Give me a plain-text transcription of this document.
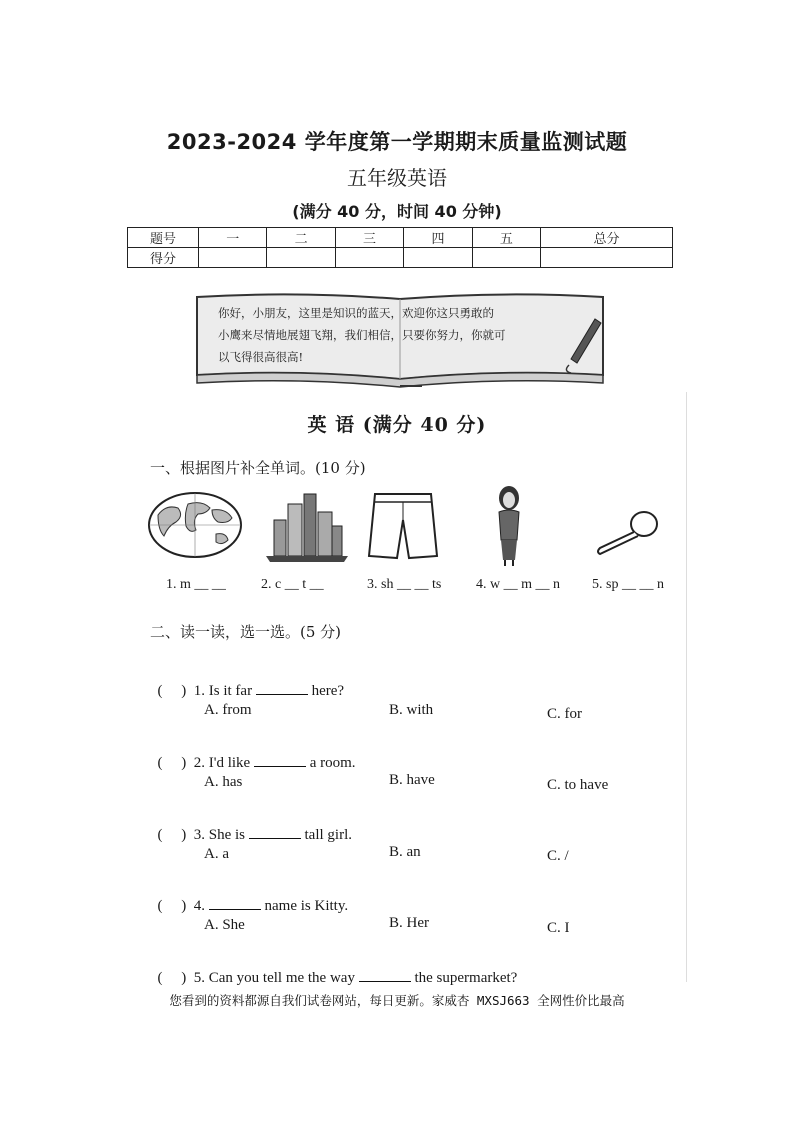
2023-2024 学年度第一学期期末质量监测试题
五年级英语
(满分 40 分，时间 40 分钟)
题号	一	二	三	四	五	总分
得分						
你好，小朋友，这里是知识的蓝天，欢迎你这只勇敢的
小鹰来尽情地展翅飞翔，我们相信，只要你努力，你就可
以飞得很高很高!
英 语 (满分 40 分)
一、根据图片补全单词。(10 分)
1. m __ __	2. c __ t __	3. sh __ __ ts 4. w __ m __ n 5. sp __ __ n
二、读一读，选一选。(5 分)

(     )  1. Is it far	here?

A. from	B. with	C. for

(     )  2. I'd like	a room.

A. has	B. have	C. to have

(     )  3. She is	tall girl.

A. a	B. an	C. /

(     )  4.	name is Kitty.

A. She	B. Her	C. I

(     )  5. Can you tell me the way	the supermarket?

您看到的资料都源自我们试卷网站，每日更新。家威杏 MXSJ663 全网性价比最高
